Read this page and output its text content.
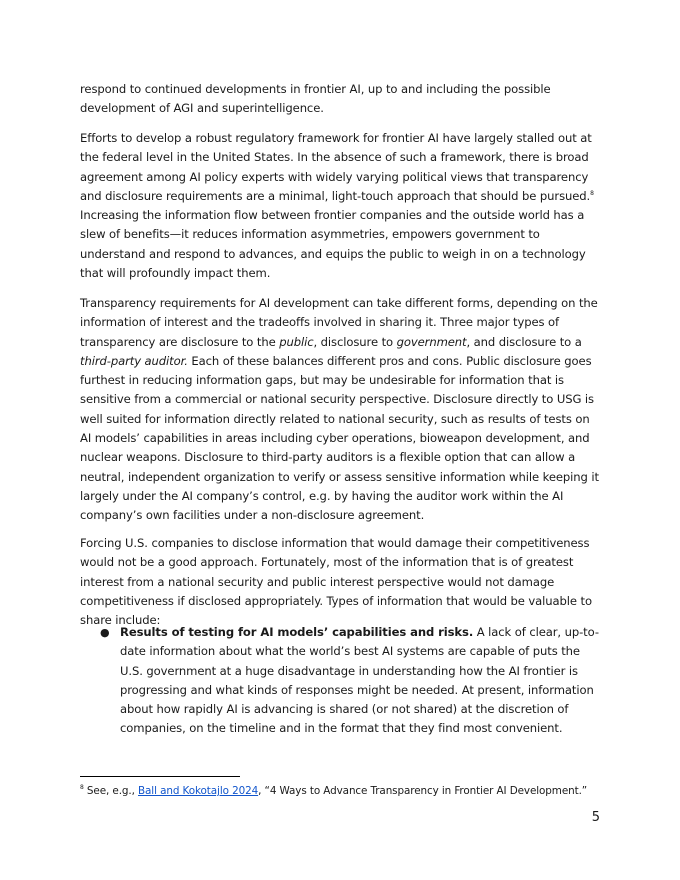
respond to continued developments in frontier AI, up to and including the possible development of AGI and superintelligence.

Efforts to develop a robust regulatory framework for frontier AI have largely stalled out at the federal level in the United States. In the absence of such a framework, there is broad agreement among AI policy experts with widely varying political views that transparency and disclosure requirements are a minimal, light-touch approach that should be pursued.$^8$ Increasing the information flow between frontier companies and the outside world has a slew of benefits—it reduces information asymmetries, empowers government to understand and respond to advances, and equips the public to weigh in on a technology that will profoundly impact them.

Transparency requirements for AI development can take different forms, depending on the information of interest and the tradeoffs involved in sharing it. Three major types of transparency are disclosure to the public, disclosure to government, and disclosure to a third-party auditor. Each of these balances different pros and cons. Public disclosure goes furthest in reducing information gaps, but may be undesirable for information that is sensitive from a commercial or national security perspective. Disclosure directly to USG is well suited for information directly related to national security, such as results of tests on AI models’ capabilities in areas including cyber operations, bioweapon development, and nuclear weapons. Disclosure to third-party auditors is a flexible option that can allow a neutral, independent organization to verify or assess sensitive information while keeping it largely under the AI company’s control, e.g. by having the auditor work within the AI company’s own facilities under a non-disclosure agreement.

Forcing U.S. companies to disclose information that would damage their competitiveness would not be a good approach. Fortunately, most of the information that is of greatest interest from a national security and public interest perspective would not damage competitiveness if disclosed appropriately. Types of information that would be valuable to share include:

● Results of testing for AI models’ capabilities and risks. A lack of clear, up-to-date information about what the world’s best AI systems are capable of puts the U.S. government at a huge disadvantage in understanding how the AI frontier is progressing and what kinds of responses might be needed. At present, information about how rapidly AI is advancing is shared (or not shared) at the discretion of companies, on the timeline and in the format that they find most convenient.
$^8$ See, e.g., Ball and Kokotajlo 2024, “4 Ways to Advance Transparency in Frontier AI Development.”
5
